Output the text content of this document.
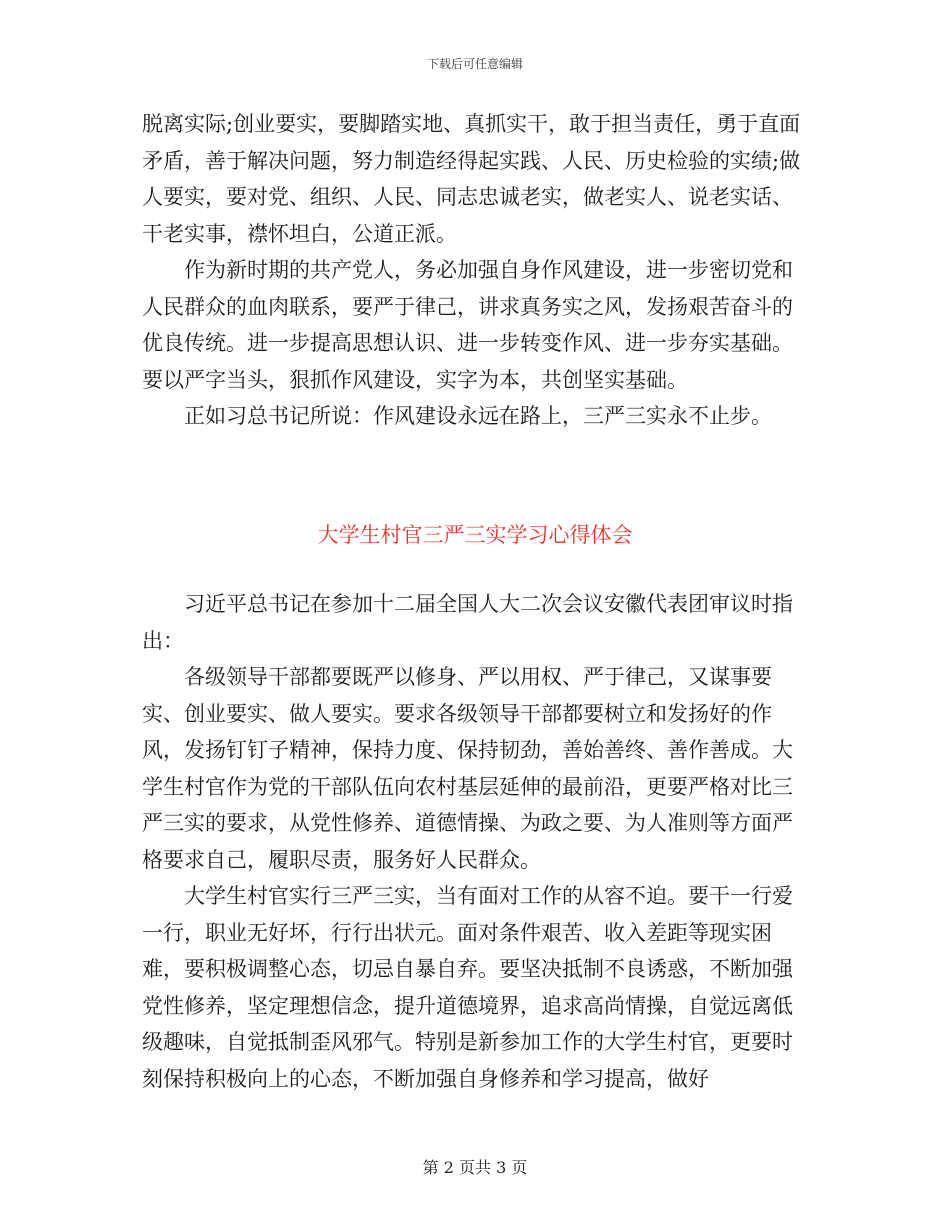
下载后可任意编辑

脱离实际;创业要实，要脚踏实地、真抓实干，敢于担当责任，勇于直面矛盾，善于解决问题，努力制造经得起实践、人民、历史检验的实绩;做人要实，要对党、组织、人民、同志忠诚老实，做老实人、说老实话、干老实事，襟怀坦白，公道正派。

作为新时期的共产党人，务必加强自身作风建设，进一步密切党和人民群众的血肉联系，要严于律己，讲求真务实之风，发扬艰苦奋斗的优良传统。进一步提高思想认识、进一步转变作风、进一步夯实基础。要以严字当头，狠抓作风建设，实字为本，共创坚实基础。

正如习总书记所说：作风建设永远在路上，三严三实永不止步。

大学生村官三严三实学习心得体会

习近平总书记在参加十二届全国人大二次会议安徽代表团审议时指出：

各级领导干部都要既严以修身、严以用权、严于律己，又谋事要实、创业要实、做人要实。要求各级领导干部都要树立和发扬好的作风，发扬钉钉子精神，保持力度、保持韧劲，善始善终、善作善成。大学生村官作为党的干部队伍向农村基层延伸的最前沿，更要严格对比三严三实的要求，从党性修养、道德情操、为政之要、为人准则等方面严格要求自己，履职尽责，服务好人民群众。

大学生村官实行三严三实，当有面对工作的从容不迫。要干一行爱一行，职业无好坏，行行出状元。面对条件艰苦、收入差距等现实困难，要积极调整心态，切忌自暴自弃。要坚决抵制不良诱惑，不断加强党性修养，坚定理想信念，提升道德境界，追求高尚情操，自觉远离低级趣味，自觉抵制歪风邪气。特别是新参加工作的大学生村官，更要时刻保持积极向上的心态，不断加强自身修养和学习提高，做好

第 2 页共 3 页
